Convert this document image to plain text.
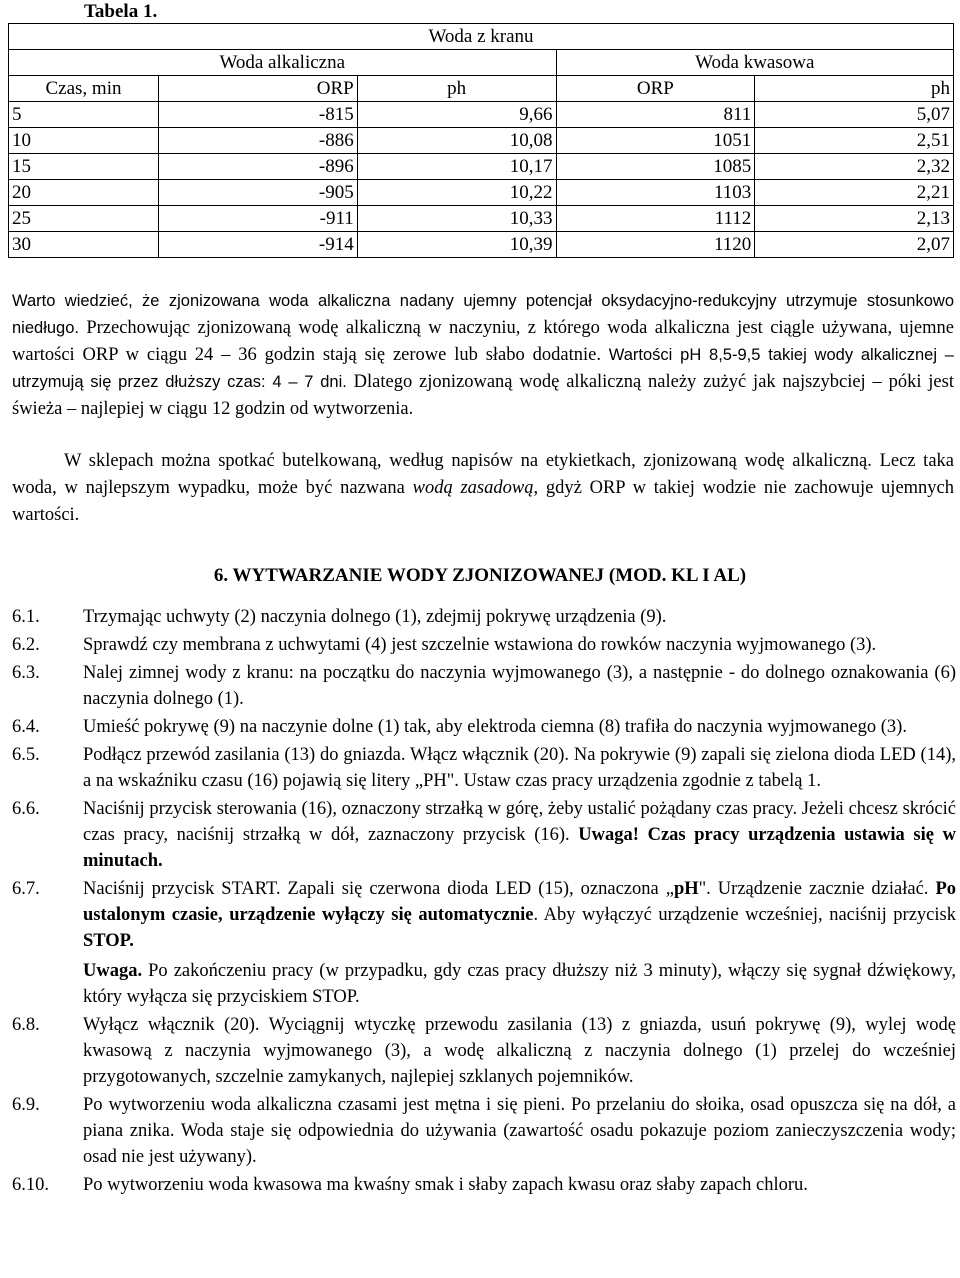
Tabela 1.
Woda z kranu				
Woda alkaliczna			Woda kwasowa	
Czas, min	ORP	ph	ORP	ph
5	-815	9,66	811	5,07
10	-886	10,08	1051	2,51
15	-896	10,17	1085	2,32
20	-905	10,22	1103	2,21
25	-911	10,33	1112	2,13
30	-914	10,39	1120	2,07
Warto wiedzieć, że zjonizowana woda alkaliczna nadany ujemny potencjał oksydacyjno-redukcyjny utrzymuje stosunkowo niedługo. Przechowując zjonizowaną wodę alkaliczną w naczyniu, z którego woda alkaliczna jest ciągle używana, ujemne wartości ORP w ciągu 24 – 36 godzin stają się zerowe lub słabo dodatnie. Wartości pH 8,5-9,5 takiej wody alkalicznej – utrzymują się przez dłuższy czas: 4 – 7 dni. Dlatego zjonizowaną wodę alkaliczną należy zużyć jak najszybciej – póki jest świeża – najlepiej w ciągu 12 godzin od wytworzenia.
W sklepach można spotkać butelkowaną, według napisów na etykietkach, zjonizowaną wodę alkaliczną. Lecz taka woda, w najlepszym wypadku, może być nazwana wodą zasadową, gdyż ORP w takiej wodzie nie zachowuje ujemnych wartości.
6. WYTWARZANIE WODY ZJONIZOWANEJ (MOD. KL I AL)
6.1. Trzymając uchwyty (2) naczynia dolnego (1), zdejmij pokrywę urządzenia (9).
6.2. Sprawdź czy membrana z uchwytami (4) jest szczelnie wstawiona do rowków naczynia wyjmowanego (3).
6.3. Nalej zimnej wody z kranu: na początku do naczynia wyjmowanego (3), a następnie - do dolnego oznakowania (6) naczynia dolnego (1).
6.4. Umieść pokrywę (9) na naczynie dolne (1) tak, aby elektroda ciemna (8) trafiła do naczynia wyjmowanego (3).
6.5. Podłącz przewód zasilania (13) do gniazda. Włącz włącznik (20). Na pokrywie (9) zapali się zielona dioda LED (14), a na wskaźniku czasu (16) pojawią się litery „PH". Ustaw czas pracy urządzenia zgodnie z tabelą 1.
6.6. Naciśnij przycisk sterowania (16), oznaczony strzałką w górę, żeby ustalić pożądany czas pracy. Jeżeli chcesz skrócić czas pracy, naciśnij strzałką w dół, zaznaczony przycisk (16). Uwaga! Czas pracy urządzenia ustawia się w minutach.
6.7. Naciśnij przycisk START. Zapali się czerwona dioda LED (15), oznaczona „pH". Urządzenie zacznie działać. Po ustalonym czasie, urządzenie wyłączy się automatycznie. Aby wyłączyć urządzenie wcześniej, naciśnij przycisk STOP.
Uwaga. Po zakończeniu pracy (w przypadku, gdy czas pracy dłuższy niż 3 minuty), włączy się sygnał dźwiękowy, który wyłącza się przyciskiem STOP.
6.8. Wyłącz włącznik (20). Wyciągnij wtyczkę przewodu zasilania (13) z gniazda, usuń pokrywę (9), wylej wodę kwasową z naczynia wyjmowanego (3), a wodę alkaliczną z naczynia dolnego (1) przelej do wcześniej przygotowanych, szczelnie zamykanych, najlepiej szklanych pojemników.
6.9. Po wytworzeniu woda alkaliczna czasami jest mętna i się pieni. Po przelaniu do słoika, osad opuszcza się na dół, a piana znika. Woda staje się odpowiednia do używania (zawartość osadu pokazuje poziom zanieczyszczenia wody; osad nie jest używany).
6.10. Po wytworzeniu woda kwasowa ma kwaśny smak i słaby zapach kwasu oraz słaby zapach chloru.
